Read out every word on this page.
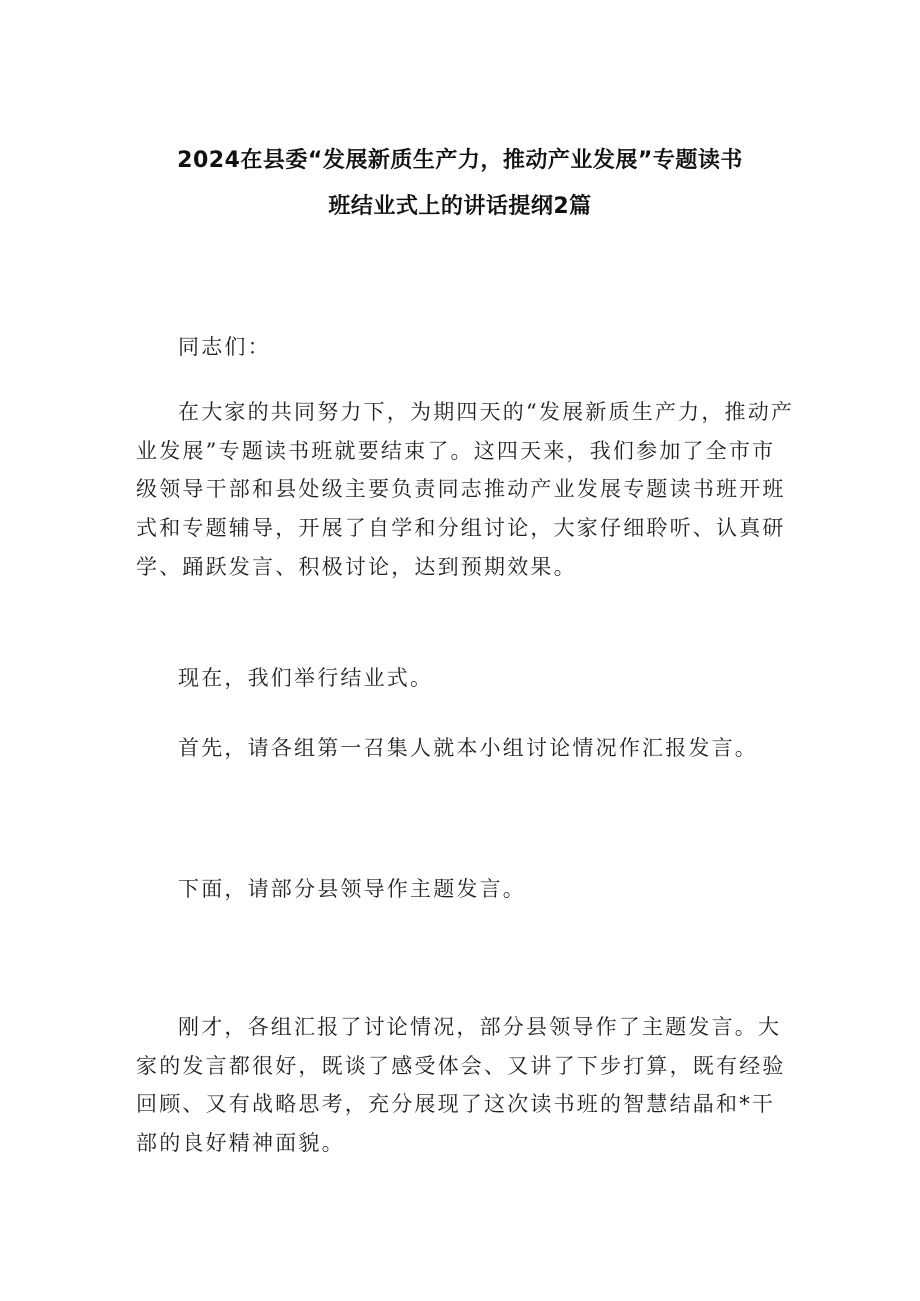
2024在县委“发展新质生产力，推动产业发展”专题读书
班结业式上的讲话提纲2篇

同志们：

在大家的共同努力下，为期四天的“发展新质生产力，推动产业发展”专题读书班就要结束了。这四天来，我们参加了全市市级领导干部和县处级主要负责同志推动产业发展专题读书班开班式和专题辅导，开展了自学和分组讨论，大家仔细聆听、认真研学、踊跃发言、积极讨论，达到预期效果。

现在，我们举行结业式。

首先，请各组第一召集人就本小组讨论情况作汇报发言。

下面，请部分县领导作主题发言。

刚才，各组汇报了讨论情况，部分县领导作了主题发言。大家的发言都很好，既谈了感受体会、又讲了下步打算，既有经验回顾、又有战略思考，充分展现了这次读书班的智慧结晶和*干部的良好精神面貌。
